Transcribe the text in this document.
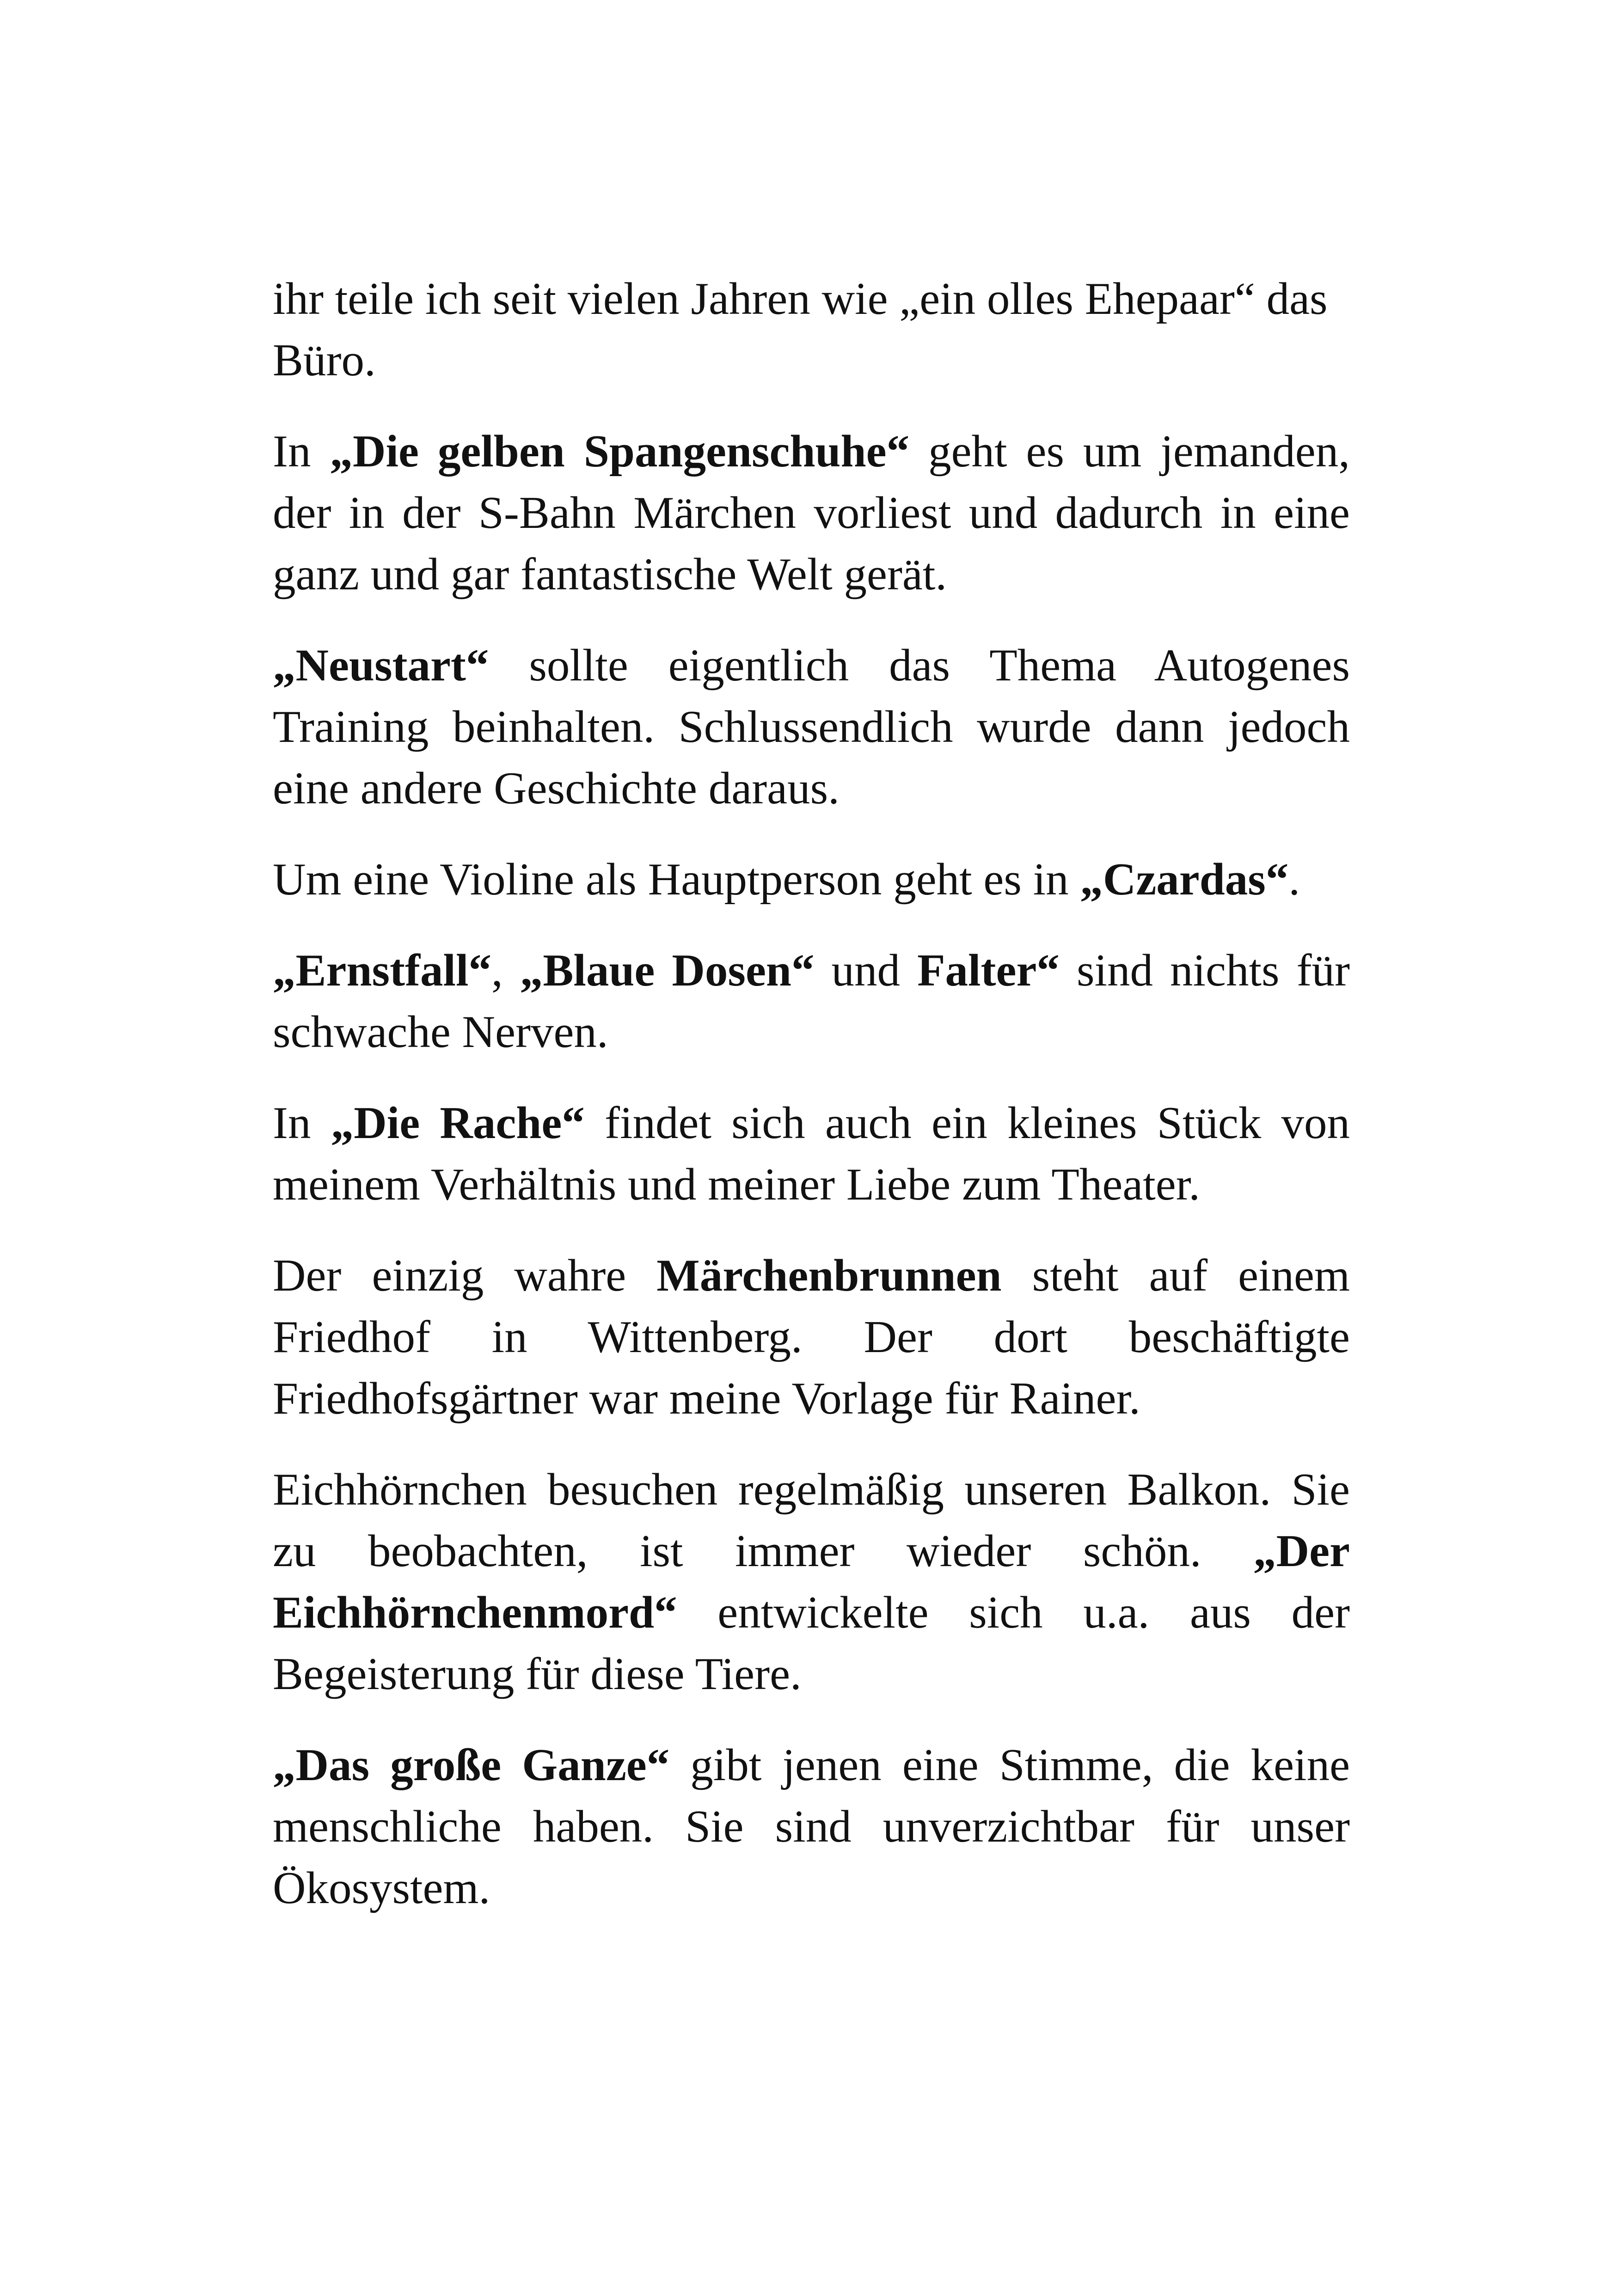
ihr teile ich seit vielen Jahren wie „ein olles Ehepaar“ das Büro.

In „Die gelben Spangenschuhe“ geht es um jemanden, der in der S-Bahn Märchen vorliest und dadurch in eine ganz und gar fantastische Welt gerät.

„Neustart“ sollte eigentlich das Thema Autogenes Training beinhalten. Schlussendlich wurde dann jedoch eine andere Geschichte daraus.

Um eine Violine als Hauptperson geht es in „Czardas“.

„Ernstfall“, „Blaue Dosen“ und Falter“ sind nichts für schwache Nerven.

In „Die Rache“ findet sich auch ein kleines Stück von meinem Verhältnis und meiner Liebe zum Theater.

Der einzig wahre Märchenbrunnen steht auf einem Friedhof in Wittenberg. Der dort beschäftigte Friedhofsgärtner war meine Vorlage für Rainer.

Eichhörnchen besuchen regelmäßig unseren Balkon. Sie zu beobachten, ist immer wieder schön. „Der Eichhörnchenmord“ entwickelte sich u.a. aus der Begeisterung für diese Tiere.

„Das große Ganze“ gibt jenen eine Stimme, die keine menschliche haben. Sie sind unverzichtbar für unser Ökosystem.
